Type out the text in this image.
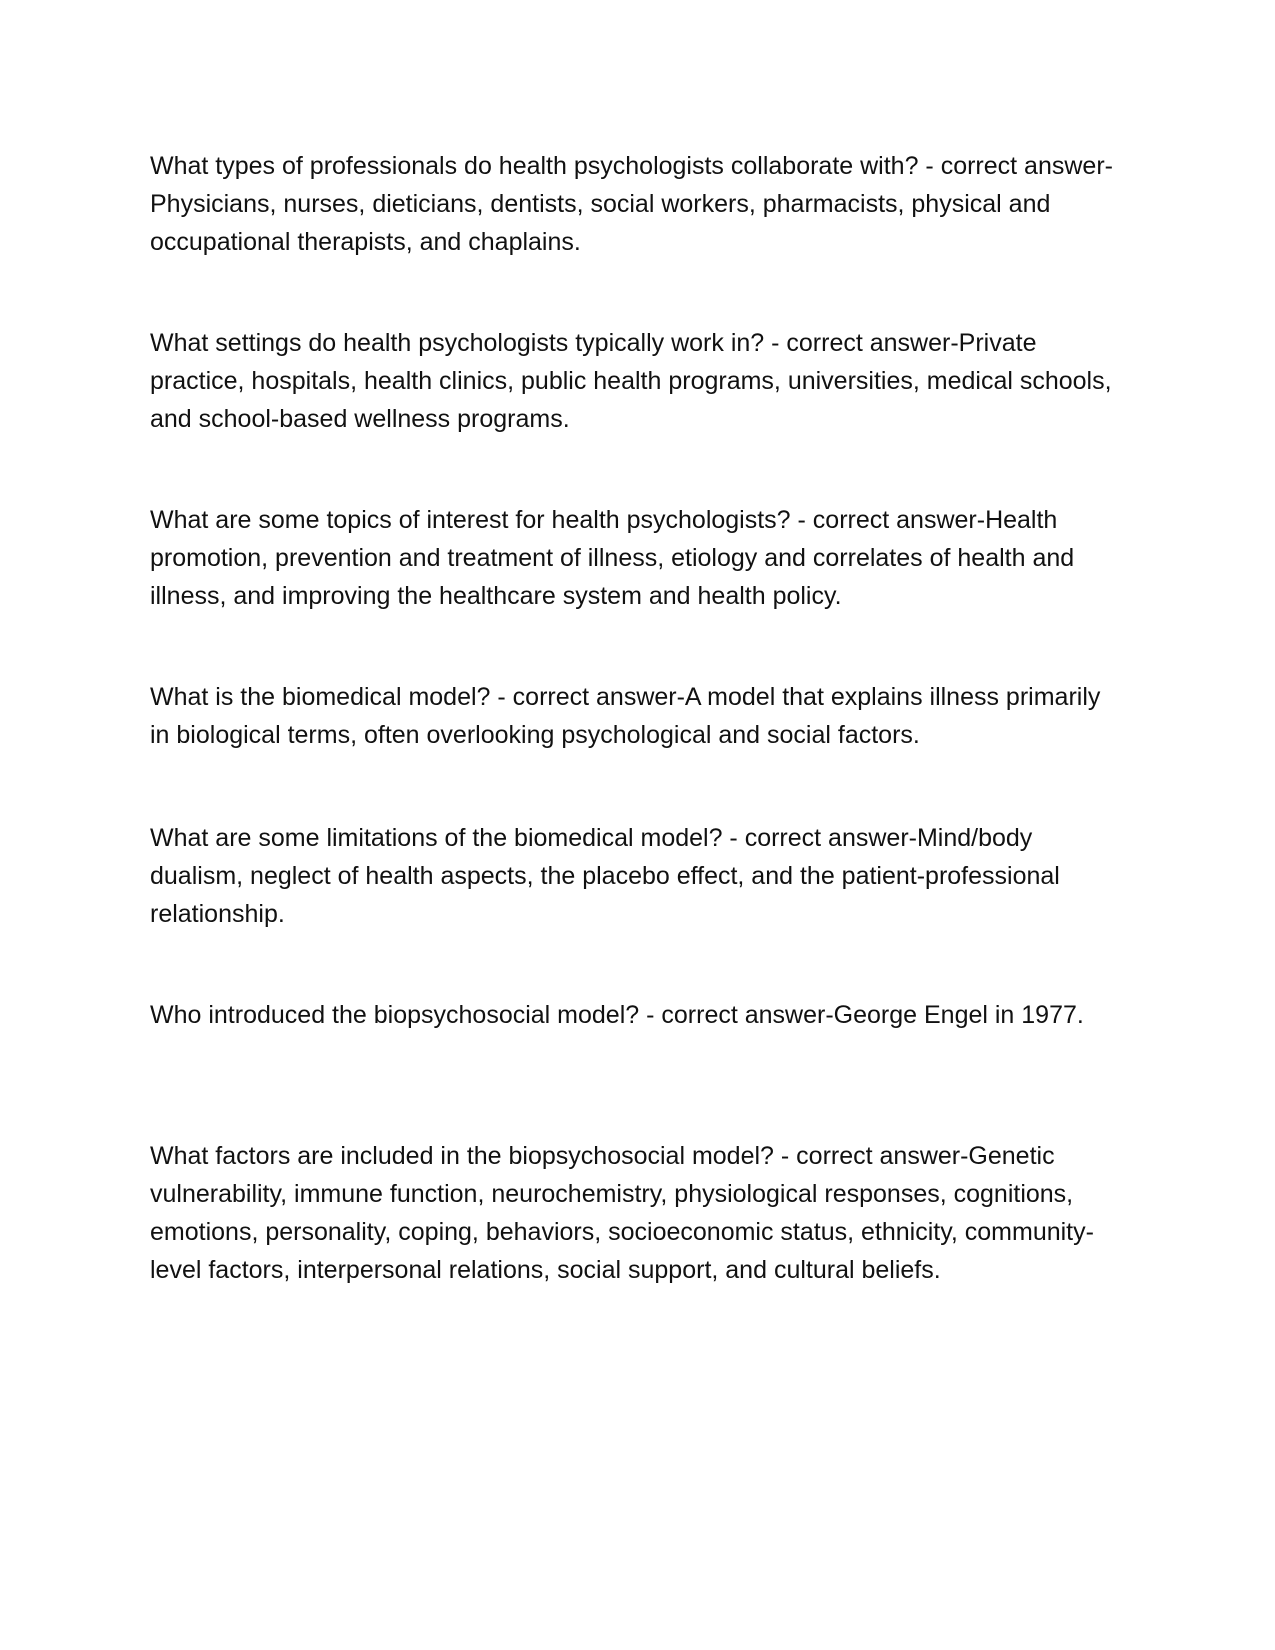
What types of professionals do health psychologists collaborate with? - correct answer-Physicians, nurses, dieticians, dentists, social workers, pharmacists, physical and occupational therapists, and chaplains.

What settings do health psychologists typically work in? - correct answer-Private practice, hospitals, health clinics, public health programs, universities, medical schools, and school-based wellness programs.

What are some topics of interest for health psychologists? - correct answer-Health promotion, prevention and treatment of illness, etiology and correlates of health and illness, and improving the healthcare system and health policy.

What is the biomedical model? - correct answer-A model that explains illness primarily in biological terms, often overlooking psychological and social factors.

What are some limitations of the biomedical model? - correct answer-Mind/body dualism, neglect of health aspects, the placebo effect, and the patient-professional relationship.

Who introduced the biopsychosocial model? - correct answer-George Engel in 1977.

What factors are included in the biopsychosocial model? - correct answer-Genetic vulnerability, immune function, neurochemistry, physiological responses, cognitions, emotions, personality, coping, behaviors, socioeconomic status, ethnicity, community-level factors, interpersonal relations, social support, and cultural beliefs.
